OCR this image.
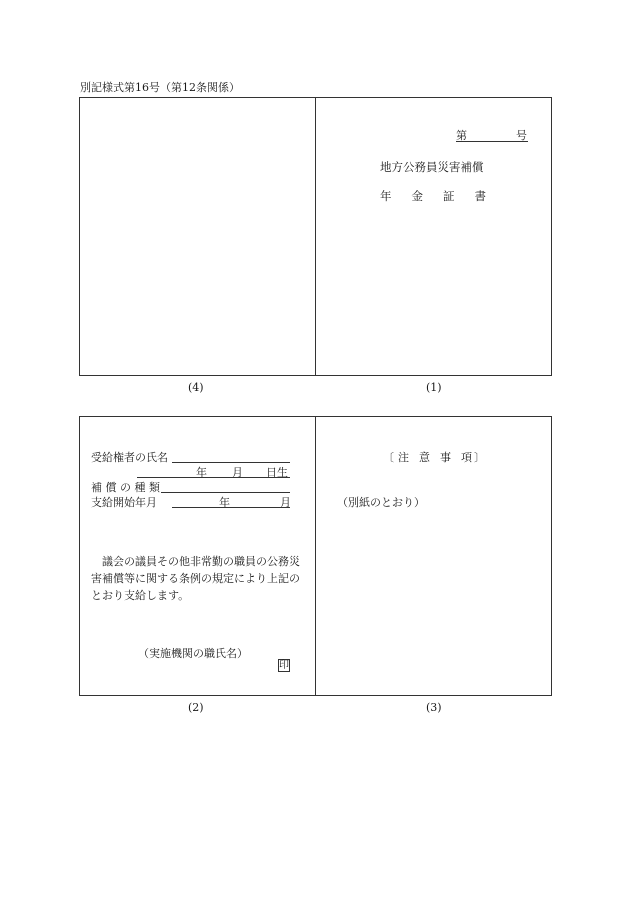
別記様式第16号（第12条関係）
第	号
地方公務員災害補償
年 金 証 書
(4)	(1)
受給権者の氏名
年 月 日生
補 償 の 種 類
支給開始年月	年	月
議会の議員その他非常勤の職員の公務災害補償等に関する条例の規定により上記のとおり支給します。
（実施機関の職氏名）
印
〔 注 意 事 項 〕
（別紙のとおり）
(2)	(3)
